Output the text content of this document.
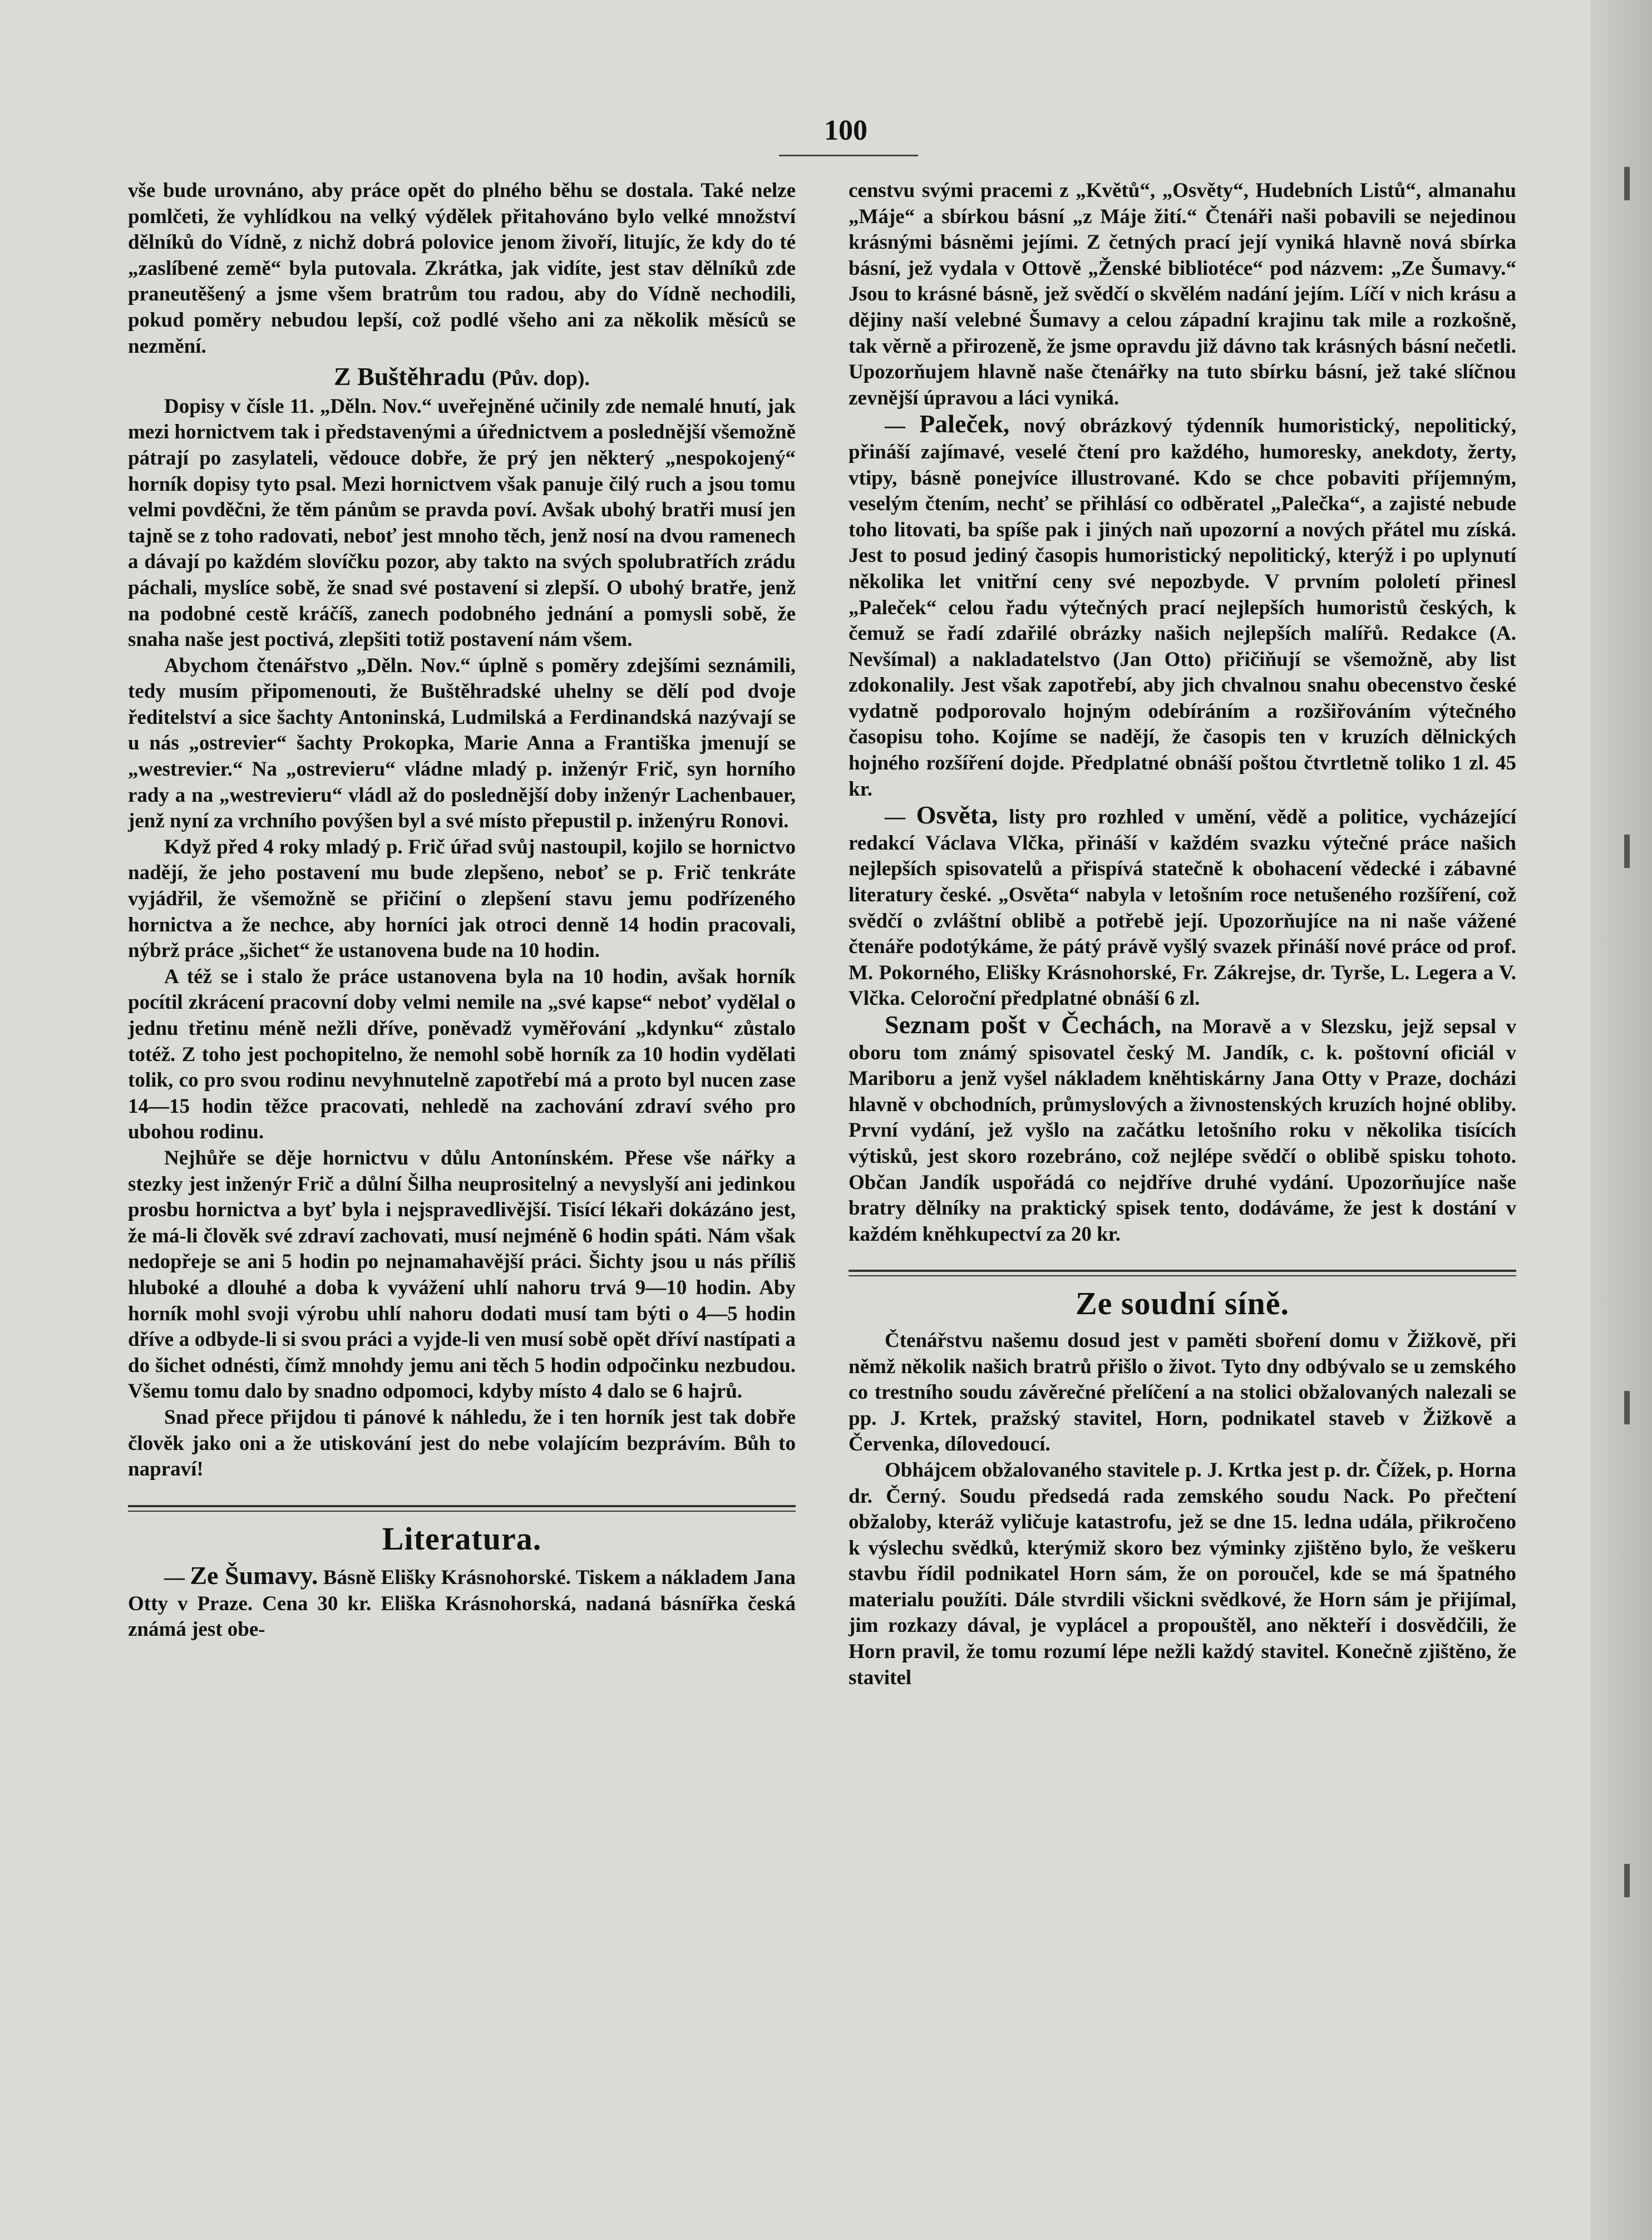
100

vše bude urovnáno, aby práce opět do plného běhu se dostala. Také nelze pomlčeti, že vyhlídkou na velký výdělek přitahováno bylo velké množství dělníků do Vídně, z nichž dobrá polovice jenom živoří, litujíc, že kdy do té „zaslíbené země“ byla putovala. Zkrátka, jak vidíte, jest stav dělníků zde praneutěšený a jsme všem bratrům tou radou, aby do Vídně nechodili, pokud poměry nebudou lepší, což podlé všeho ani za několik měsíců se nezmění.

Z Buštěhradu (Pův. dop).

Dopisy v čísle 11. „Děln. Nov.“ uveřejněné učinily zde nemalé hnutí, jak mezi hornictvem tak i představenými a úřednictvem a poslednější všemožně pátrají po zasylateli, vědouce dobře, že prý jen některý „nespokojený“ horník dopisy tyto psal. Mezi hornictvem však panuje čilý ruch a jsou tomu velmi povděčni, že těm pánům se pravda poví. Avšak ubohý bratři musí jen tajně se z toho radovati, neboť jest mnoho těch, jenž nosí na dvou ramenech a dávají po každém slovíčku pozor, aby takto na svých spolubratřích zrádu páchali, myslíce sobě, že snad své postavení si zlepší. O ubohý bratře, jenž na podobné cestě kráčíš, zanech podobného jednání a pomysli sobě, že snaha naše jest poctivá, zlepšiti totiž postavení nám všem.

Abychom čtenářstvo „Děln. Nov.“ úplně s poměry zdejšími seznámili, tedy musím připomenouti, že Buštěhradské uhelny se dělí pod dvoje ředitelství a sice šachty Antoninská, Ludmilská a Ferdinandská nazývají se u nás „ostrevier“ šachty Prokopka, Marie Anna a Františka jmenují se „westrevier.“ Na „ostrevieru“ vládne mladý p. inženýr Frič, syn horního rady a na „westrevieru“ vládl až do poslednější doby inženýr Lachenbauer, jenž nyní za vrchního povýšen byl a své místo přepustil p. inženýru Ronovi.

Když před 4 roky mladý p. Frič úřad svůj nastoupil, kojilo se hornictvo nadějí, že jeho postavení mu bude zlepšeno, neboť se p. Frič tenkráte vyjádřil, že všemožně se přičiní o zlepšení stavu jemu podřízeného hornictva a že nechce, aby horníci jak otroci denně 14 hodin pracovali, nýbrž práce „šichet“ že ustanovena bude na 10 hodin.

A též se i stalo že práce ustanovena byla na 10 hodin, avšak horník pocítil zkrácení pracovní doby velmi nemile na „své kapse“ neboť vydělal o jednu třetinu méně nežli dříve, poněvadž vyměřování „kdynku“ zůstalo totéž. Z toho jest pochopitelno, že nemohl sobě horník za 10 hodin vydělati tolik, co pro svou rodinu nevyhnutelně zapotřebí má a proto byl nucen zase 14—15 hodin těžce pracovati, nehledě na zachování zdraví svého pro ubohou rodinu.

Nejhůře se děje hornictvu v důlu Antonínském. Přese vše nářky a stezky jest inženýr Frič a důlní Šilha neuprositelný a nevyslyší ani jedinkou prosbu hornictva a byť byla i nejspravedlivější. Tisící lékaři dokázáno jest, že má-li člověk své zdraví zachovati, musí nejméně 6 hodin spáti. Nám však nedopřeje se ani 5 hodin po nejnamahavější práci. Šichty jsou u nás příliš hluboké a dlouhé a doba k vyvážení uhlí nahoru trvá 9—10 hodin. Aby horník mohl svoji výrobu uhlí nahoru dodati musí tam býti o 4—5 hodin dříve a odbyde-li si svou práci a vyjde-li ven musí sobě opět dříví nastípati a do šichet odnésti, čímž mnohdy jemu ani těch 5 hodin odpočinku nezbudou. Všemu tomu dalo by snadno odpomoci, kdyby místo 4 dalo se 6 hajrů.

Snad přece přijdou ti pánové k náhledu, že i ten horník jest tak dobře člověk jako oni a že utiskování jest do nebe volajícím bezprávím. Bůh to napraví!

Literatura.

— Ze Šumavy. Básně Elišky Krásnohorské. Tiskem a nákladem Jana Otty v Praze. Cena 30 kr. Eliška Krásnohorská, nadaná básnířka česká známá jest obe-

censtvu svými pracemi z „Květů“, „Osvěty“, Hudebních Listů“, almanahu „Máje“ a sbírkou básní „z Máje žití.“ Čtenáři naši pobavili se nejedinou krásnými básněmi jejími. Z četných prací její vyniká hlavně nová sbírka básní, jež vydala v Ottově „Ženské bibliotéce“ pod názvem: „Ze Šumavy.“ Jsou to krásné básně, jež svědčí o skvělém nadání jejím. Líčí v nich krásu a dějiny naší velebné Šumavy a celou západní krajinu tak mile a rozkošně, tak věrně a přirozeně, že jsme opravdu již dávno tak krásných básní nečetli. Upozorňujem hlavně naše čtenářky na tuto sbírku básní, jež také slíčnou zevnější úpravou a láci vyniká.

— Paleček, nový obrázkový týdenník humoristický, nepolitický, přináší zajímavé, veselé čtení pro každého, humoresky, anekdoty, žerty, vtipy, básně ponejvíce illustrované. Kdo se chce pobaviti příjemným, veselým čtením, nechť se přihlásí co odběratel „Palečka“, a zajisté nebude toho litovati, ba spíše pak i jiných naň upozorní a nových přátel mu získá. Jest to posud jediný časopis humoristický nepolitický, kterýž i po uplynutí několika let vnitřní ceny své nepozbyde. V prvním pololetí přinesl „Paleček“ celou řadu výtečných prací nejlepších humoristů českých, k čemuž se řadí zdařilé obrázky našich nejlepších malířů. Redakce (A. Nevšímal) a nakladatelstvo (Jan Otto) přičiňují se všemožně, aby list zdokonalily. Jest však zapotřebí, aby jich chvalnou snahu obecenstvo české vydatně podporovalo hojným odebíráním a rozšiřováním výtečného časopisu toho. Kojíme se nadějí, že časopis ten v kruzích dělnických hojného rozšíření dojde. Předplatné obnáší poštou čtvrtletně toliko 1 zl. 45 kr.

— Osvěta, listy pro rozhled v umění, vědě a politice, vycházející redakcí Václava Vlčka, přináší v každém svazku výtečné práce našich nejlepších spisovatelů a přispívá statečně k obohacení vědecké i zábavné literatury české. „Osvěta“ nabyla v letošním roce netušeného rozšíření, což svědčí o zvláštní oblibě a potřebě její. Upozorňujíce na ni naše vážené čtenáře podotýkáme, že pátý právě vyšlý svazek přináší nové práce od prof. M. Pokorného, Elišky Krásnohorské, Fr. Zákrejse, dr. Tyrše, L. Legera a V. Vlčka. Celoroční předplatné obnáší 6 zl.

Seznam pošt v Čechách, na Moravě a v Slezsku, jejž sepsal v oboru tom známý spisovatel český M. Jandík, c. k. poštovní oficiál v Mariboru a jenž vyšel nákladem kněhtiskárny Jana Otty v Praze, docházi hlavně v obchodních, průmyslových a živnostenských kruzích hojné obliby. První vydání, jež vyšlo na začátku letošního roku v několika tisících výtisků, jest skoro rozebráno, což nejlépe svědčí o oblibě spisku tohoto. Občan Jandík uspořádá co nejdříve druhé vydání. Upozorňujíce naše bratry dělníky na praktický spisek tento, dodáváme, že jest k dostání v každém kněhkupectví za 20 kr.

Ze soudní síně.

Čtenářstvu našemu dosud jest v paměti sboření domu v Žižkově, při němž několik našich bratrů přišlo o život. Tyto dny odbývalo se u zemského co trestního soudu závěrečné přelíčení a na stolici obžalovaných nalezali se pp. J. Krtek, pražský stavitel, Horn, podnikatel staveb v Žižkově a Červenka, dílovedoucí.

Obhájcem obžalovaného stavitele p. J. Krtka jest p. dr. Čížek, p. Horna dr. Černý. Soudu předsedá rada zemského soudu Nack. Po přečtení obžaloby, kteráž vyličuje katastrofu, jež se dne 15. ledna udála, přikročeno k výslechu svědků, kterýmiž skoro bez výminky zjištěno bylo, že veškeru stavbu řídil podnikatel Horn sám, že on poroučel, kde se má špatného materialu použíti. Dále stvrdili všickni svědkové, že Horn sám je přijímal, jim rozkazy dával, je vyplácel a propouštěl, ano někteří i dosvědčili, že Horn pravil, že tomu rozumí lépe nežli každý stavitel. Konečně zjištěno, že stavitel
